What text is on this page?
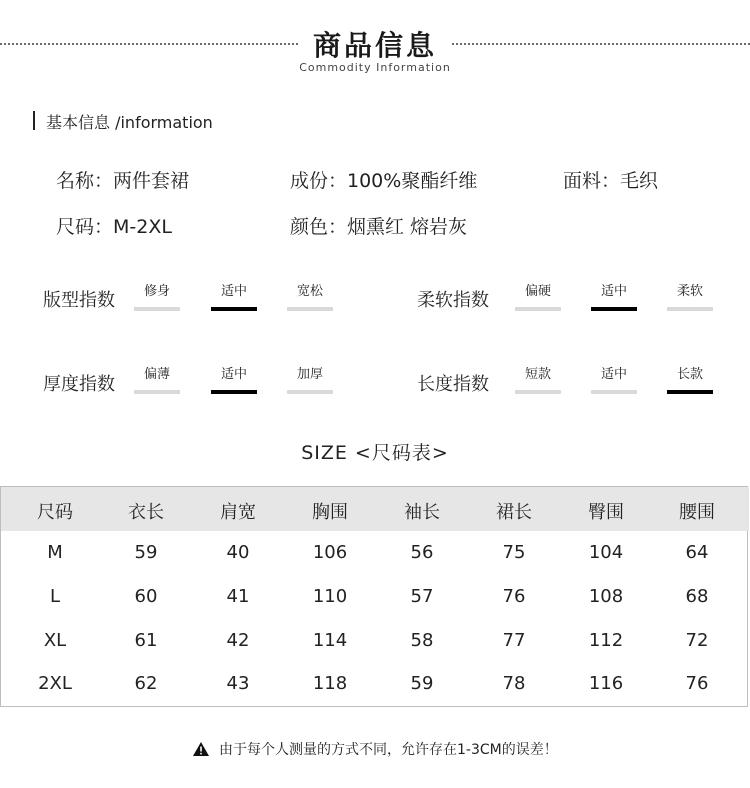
商品信息
Commodity Information
基本信息 /information
名称：两件套裙	成份：100%聚酯纤维	面料：毛织
尺码：M-2XL	颜色：烟熏红 熔岩灰
版型指数	修身	适中	宽松	柔软指数	偏硬	适中	柔软
厚度指数	偏薄	适中	加厚	长度指数	短款	适中	长款
SIZE <尺码表>
尺码	衣长	肩宽	胸围	袖长	裙长	臀围	腰围
M	59	40	106	56	75	104	64
L	60	41	110	57	76	108	68
XL	61	42	114	58	77	112	72
2XL	62	43	118	59	78	116	76
由于每个人测量的方式不同，允许存在1-3CM的误差！
